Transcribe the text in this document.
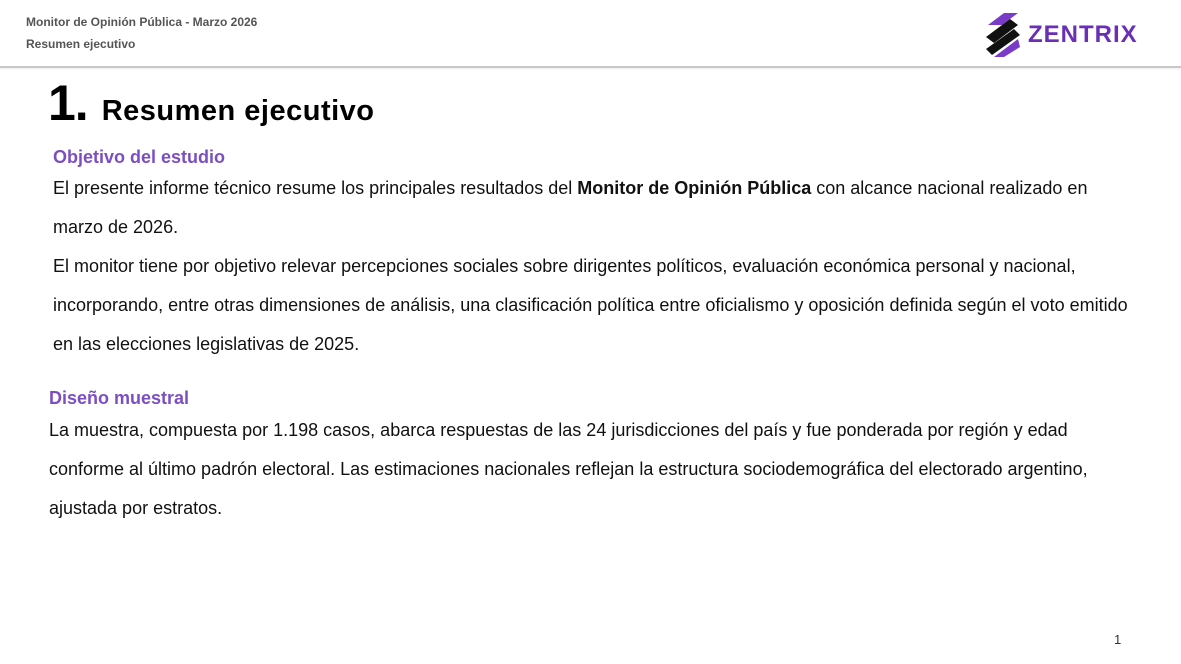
Monitor de Opinión Pública - Marzo 2026
Resumen ejecutivo	ZENTRIX
1. Resumen ejecutivo
Objetivo del estudio
El presente informe técnico resume los principales resultados del Monitor de Opinión Pública con alcance nacional realizado en marzo de 2026.
El monitor tiene por objetivo relevar percepciones sociales sobre dirigentes políticos, evaluación económica personal y nacional, incorporando, entre otras dimensiones de análisis, una clasificación política entre oficialismo y oposición definida según el voto emitido en las elecciones legislativas de 2025.
Diseño muestral
La muestra, compuesta por 1.198 casos, abarca respuestas de las 24 jurisdicciones del país y fue ponderada por región y edad conforme al último padrón electoral. Las estimaciones nacionales reflejan la estructura sociodemográfica del electorado argentino, ajustada por estratos.
1
